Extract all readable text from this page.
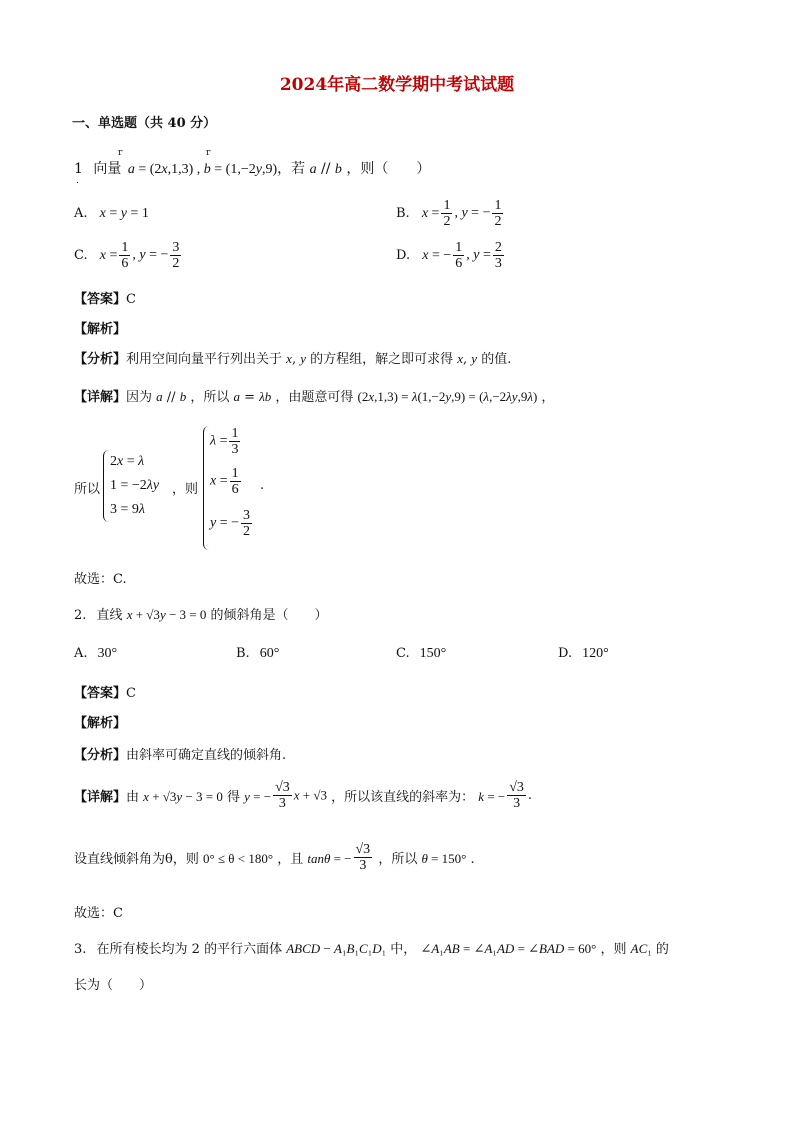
2024年高二数学期中考试试题
一、单选题（共 40 分）
1 向量 a = (2x,1,3) , b = (1,−2y,9)，若 a // b ，则（　　）
r	r
.
A. x = y = 1	B. $x = \frac{1}{2}$ , y = − $\frac{1}{2}$
C. $x = \frac{1}{6}$ , y = − $\frac{3}{2}$	D. x = − $\frac{1}{6}$ , $y = \frac{2}{3}$
【答案】C
【解析】
【分析】利用空间向量平行列出关于 x, y 的方程组，解之即可求得 x, y 的值.
【详解】因为 a // b ，所以 a = λb ，由题意可得 (2x,1,3) = λ(1,−2y,9) = (λ,−2λy,9λ) ，
所以
2x = λ
1 = −2λy
3 = 9λ
，则
$\lambda = \frac{1}{3}$
$x = \frac{1}{6}$
y = − $\frac{3}{2}$
.
故选：C.
2. 直线 x + √3y − 3 = 0 的倾斜角是（　　）
A. 30°	B. 60°	C. 150°	D. 120°
【答案】C
【解析】
【分析】由斜率可确定直线的倾斜角.
【详解】由 x + √3y − 3 = 0 得 y = − $\frac{√3}{3}$ x + √3 ，所以该直线的斜率为： k = − $\frac{√3}{3}$ .
设直线倾斜角为θ，则 0° ≤ θ < 180° ，且 tanθ = − $\frac{√3}{3}$ ，所以 θ = 150° .
故选：C
3. 在所有棱长均为 2 的平行六面体 ABCD − A₁B₁C₁D₁ 中， ∠A₁AB = ∠A₁AD = ∠BAD = 60° ，则 AC₁ 的
长为（　　）
